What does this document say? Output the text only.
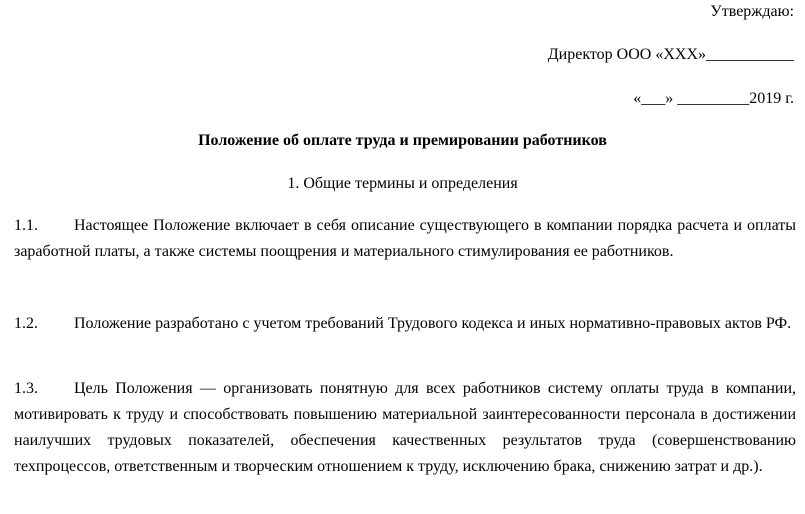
Утверждаю:
Директор ООО «XXX»___________
«___» _________2019 г.
Положение об оплате труда и премировании работников
1. Общие термины и определения
1.1. Настоящее Положение включает в себя описание существующего в компании порядка расчета и оплаты заработной платы, а также системы поощрения и материального стимулирования ее работников.
1.2. Положение разработано с учетом требований Трудового кодекса и иных нормативно-правовых актов РФ.
1.3. Цель Положения — организовать понятную для всех работников систему оплаты труда в компании, мотивировать к труду и способствовать повышению материальной заинтересованности персонала в достижении наилучших трудовых показателей, обеспечения качественных результатов труда (совершенствованию техпроцессов, ответственным и творческим отношением к труду, исключению брака, снижению затрат и др.).
